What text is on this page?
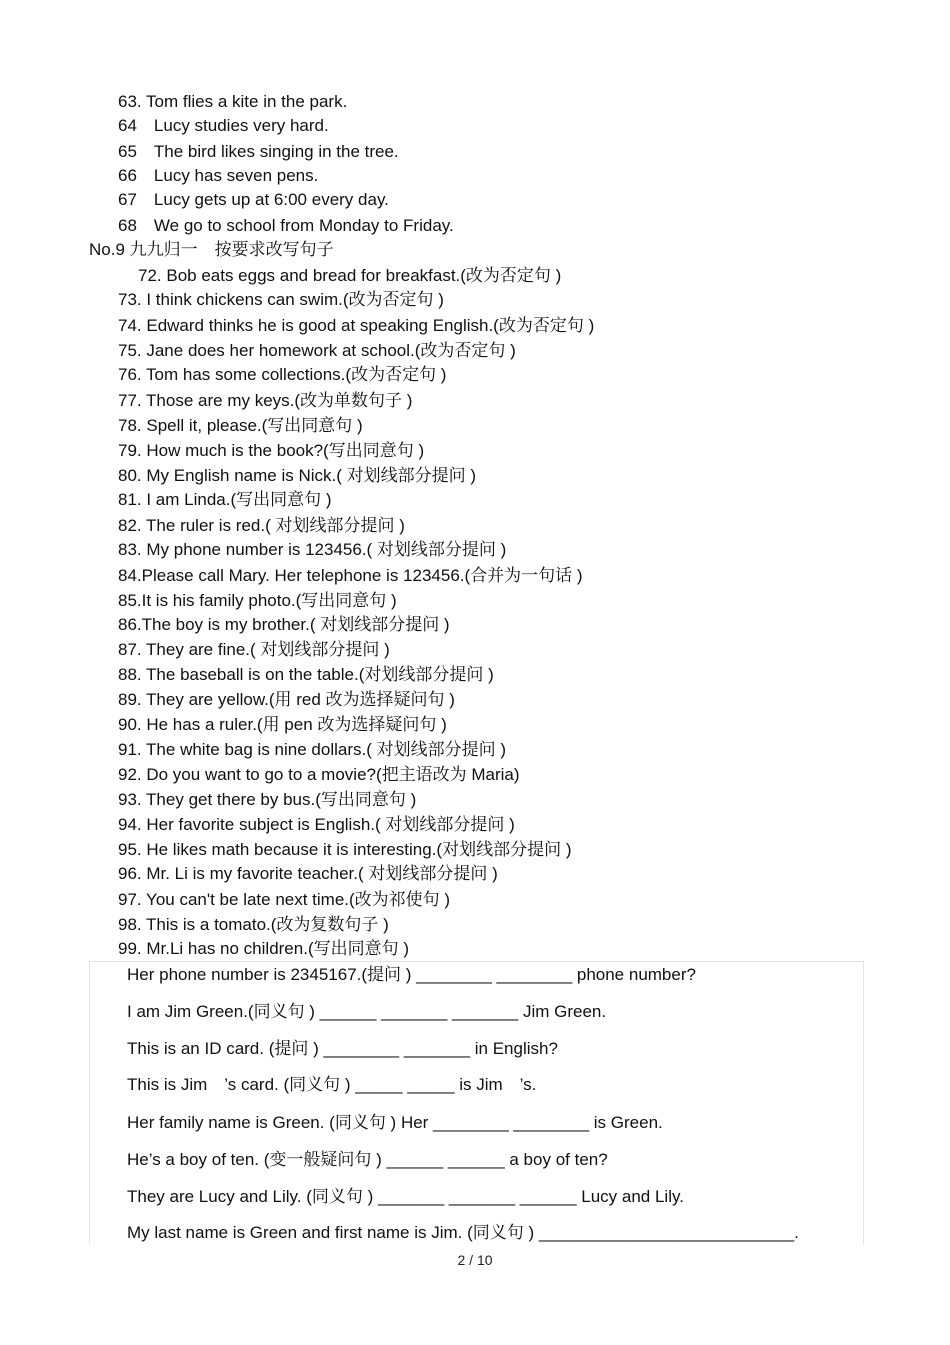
63. Tom flies a kite in the park.
64　Lucy studies very hard.
65　The bird likes singing in the tree.
66　Lucy has seven pens.
67　Lucy gets up at 6:00 every day.
68　We go to school from Monday to Friday.
No.9 九九归一　按要求改写句子
72. Bob eats eggs and bread for breakfast.(改为否定句 )
73. I think chickens can swim.(改为否定句 )
74. Edward thinks he is good at speaking English.(改为否定句 )
75. Jane does her homework at school.(改为否定句 )
76. Tom has some collections.(改为否定句 )
77. Those are my keys.(改为单数句子 )
78. Spell it, please.(写出同意句 )
79. How much is the book?(写出同意句 )
80. My English name is Nick.( 对划线部分提问 )
81. I am Linda.(写出同意句 )
82. The ruler is red.( 对划线部分提问 )
83. My phone number is 123456.( 对划线部分提问 )
84.Please call Mary. Her telephone is 123456.(合并为一句话 )
85.It is his family photo.(写出同意句 )
86.The boy is my brother.( 对划线部分提问 )
87. They are fine.( 对划线部分提问 )
88. The baseball is on the table.(对划线部分提问 )
89. They are yellow.(用 red 改为选择疑问句 )
90. He has a ruler.(用 pen 改为选择疑问句 )
91. The white bag is nine dollars.( 对划线部分提问 )
92. Do you want to go to a movie?(把主语改为 Maria)
93. They get there by bus.(写出同意句 )
94. Her favorite subject is English.( 对划线部分提问 )
95. He likes math because it is interesting.(对划线部分提问 )
96. Mr. Li is my favorite teacher.( 对划线部分提问 )
97. You can't be late next time.(改为祁使句 )
98. This is a tomato.(改为复数句子 )
99. Mr.Li has no children.(写出同意句 )
Her phone number is 2345167.(提问 ) ________ ________ phone number?
I am Jim Green.(同义句 ) ______ _______ _______ Jim Green.
This is an ID card. (提问 ) ________ _______ in English?
This is Jim　’s card. (同义句 ) _____ _____ is Jim　’s.
Her family name is Green. (同义句 ) Her ________ ________ is Green.
He’s a boy of ten. (变一般疑问句 ) ______ ______ a boy of ten?
They are Lucy and Lily. (同义句 ) _______ _______ ______ Lucy and Lily.
My last name is Green and first name is Jim. (同义句 ) ___________________________.
2 / 10
